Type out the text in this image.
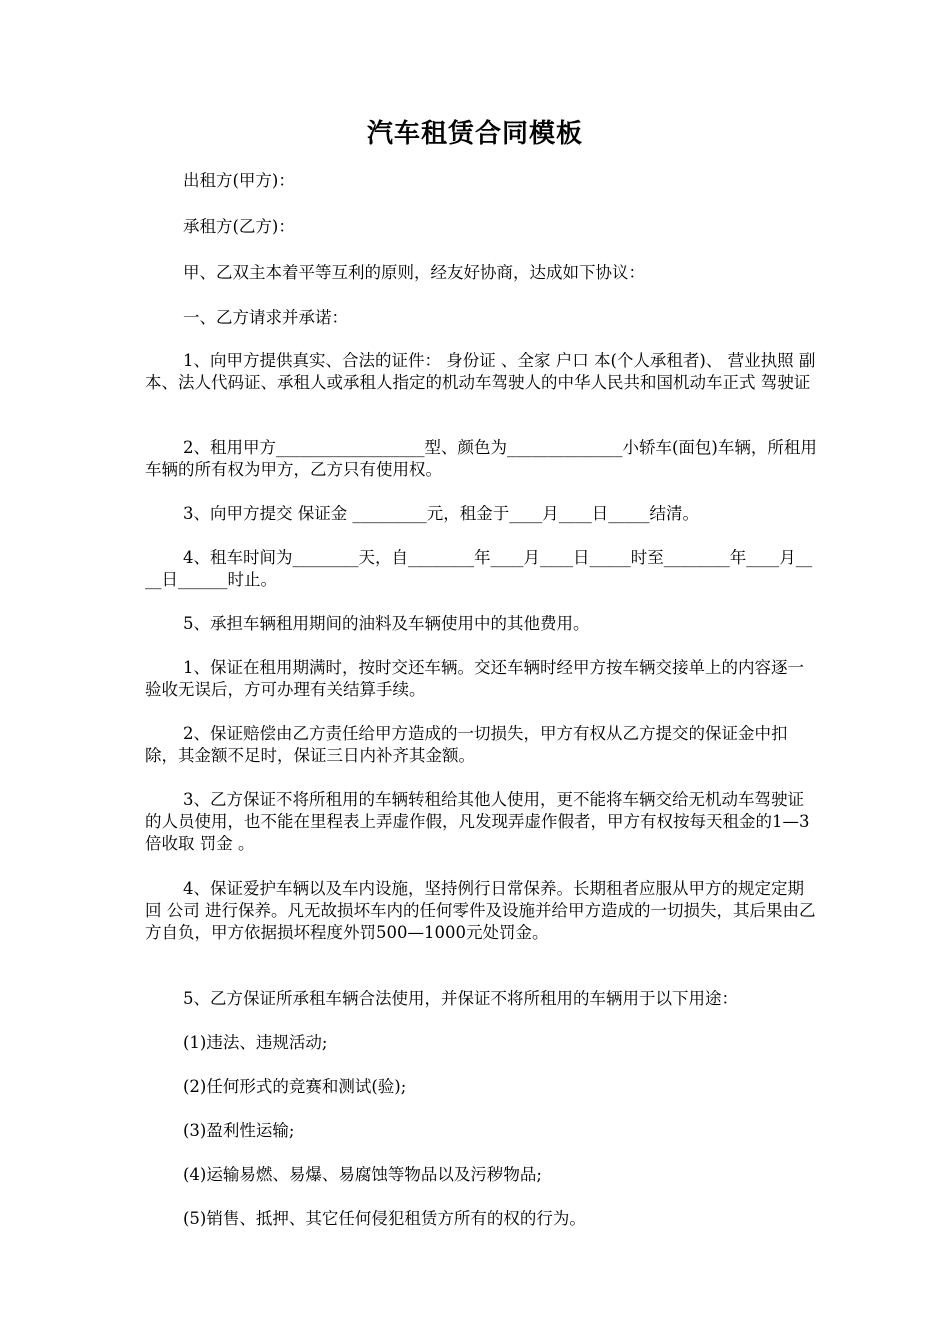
汽车租赁合同模板

出租方(甲方)：

承租方(乙方)：

甲、乙双主本着平等互利的原则，经友好协商，达成如下协议：

一、乙方请求并承诺：

1、向甲方提供真实、合法的证件： 身份证 、全家 户口 本(个人承租者)、 营业执照 副本、法人代码证、承租人或承租人指定的机动车驾驶人的中华人民共和国机动车正式 驾驶证

2、租用甲方__________________型、颜色为______________小轿车(面包)车辆，所租用车辆的所有权为甲方，乙方只有使用权。

3、向甲方提交 保证金 _________元，租金于____月____日_____结清。

4、租车时间为________天，自________年____月____日_____时至________年____月____日______时止。

5、承担车辆租用期间的油料及车辆使用中的其他费用。

1、保证在租用期满时，按时交还车辆。交还车辆时经甲方按车辆交接单上的内容逐一验收无误后，方可办理有关结算手续。

2、保证赔偿由乙方责任给甲方造成的一切损失，甲方有权从乙方提交的保证金中扣除，其金额不足时，保证三日内补齐其金额。

3、乙方保证不将所租用的车辆转租给其他人使用，更不能将车辆交给无机动车驾驶证的人员使用，也不能在里程表上弄虚作假，凡发现弄虚作假者，甲方有权按每天租金的1—3倍收取 罚金 。

4、保证爱护车辆以及车内设施，坚持例行日常保养。长期租者应服从甲方的规定定期回 公司 进行保养。凡无故损坏车内的任何零件及设施并给甲方造成的一切损失，其后果由乙方自负，甲方依据损坏程度外罚500—1000元处罚金。

5、乙方保证所承租车辆合法使用，并保证不将所租用的车辆用于以下用途：

(1)违法、违规活动;

(2)任何形式的竞赛和测试(验);

(3)盈利性运输;

(4)运输易燃、易爆、易腐蚀等物品以及污秽物品;

(5)销售、抵押、其它任何侵犯租赁方所有的权的行为。
